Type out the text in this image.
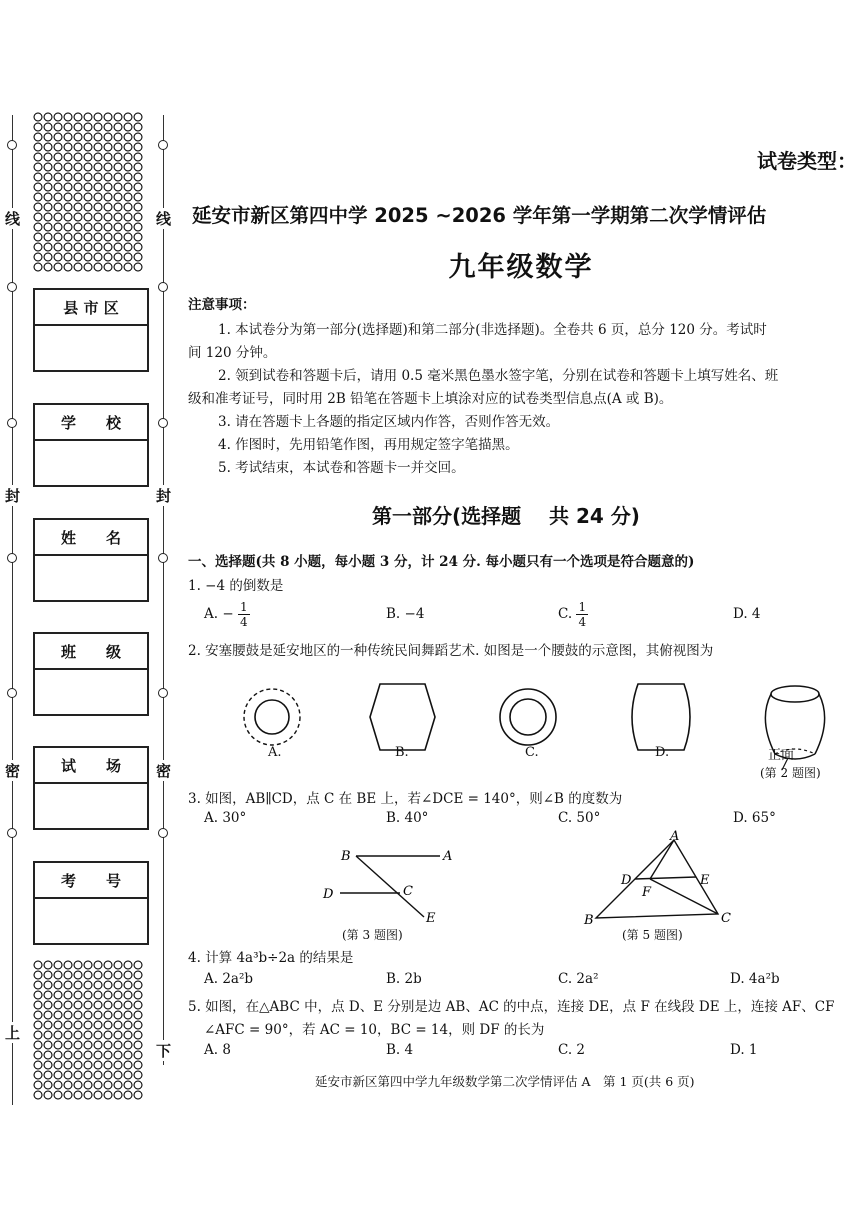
线
封
密
上
线
封
密
下
县 市 区
学　　校
姓　　名
班　　级
试　　场
考　　号
试卷类型：
延安市新区第四中学 2025 ~2026 学年第一学期第二次学情评估
九年级数学
注意事项：
1. 本试卷分为第一部分(选择题)和第二部分(非选择题)。全卷共 6 页，总分 120 分。考试时
间 120 分钟。
2. 领到试卷和答题卡后，请用 0.5 毫米黑色墨水签字笔，分别在试卷和答题卡上填写姓名、班
级和准考证号，同时用 2B 铅笔在答题卡上填涂对应的试卷类型信息点(A 或 B)。
3. 请在答题卡上各题的指定区域内作答，否则作答无效。
4. 作图时，先用铅笔作图，再用规定签字笔描黑。
5. 考试结束，本试卷和答题卡一并交回。
第一部分(选择题    共 24 分)
一、选择题(共 8 小题，每小题 3 分，计 24 分. 每小题只有一个选项是符合题意的)
1. −4 的倒数是
A. − $\frac{1}{4}$	B. −4	C. $\frac{1}{4}$	D. 4
2. 安塞腰鼓是延安地区的一种传统民间舞蹈艺术. 如图是一个腰鼓的示意图，其俯视图为
A.	B.	C.	D.	正面
(第 2 题图)
3. 如图，AB∥CD，点 C 在 BE 上，若∠DCE = 140°，则∠B 的度数为
A. 30°	B. 40°	C. 50°	D. 65°
B	A
D	C
E
(第 3 题图)
A
D
F
E
B	C
(第 5 题图)
4. 计算 4a³b÷2a 的结果是
A. 2a²b	B. 2b	C. 2a²	D. 4a²b
5. 如图，在△ABC 中，点 D、E 分别是边 AB、AC 的中点，连接 DE，点 F 在线段 DE 上，连接 AF、CF
∠AFC = 90°，若 AC = 10，BC = 14，则 DF 的长为
A. 8	B. 4	C. 2	D. 1
延安市新区第四中学九年级数学第二次学情评估 A　第 1 页(共 6 页)
